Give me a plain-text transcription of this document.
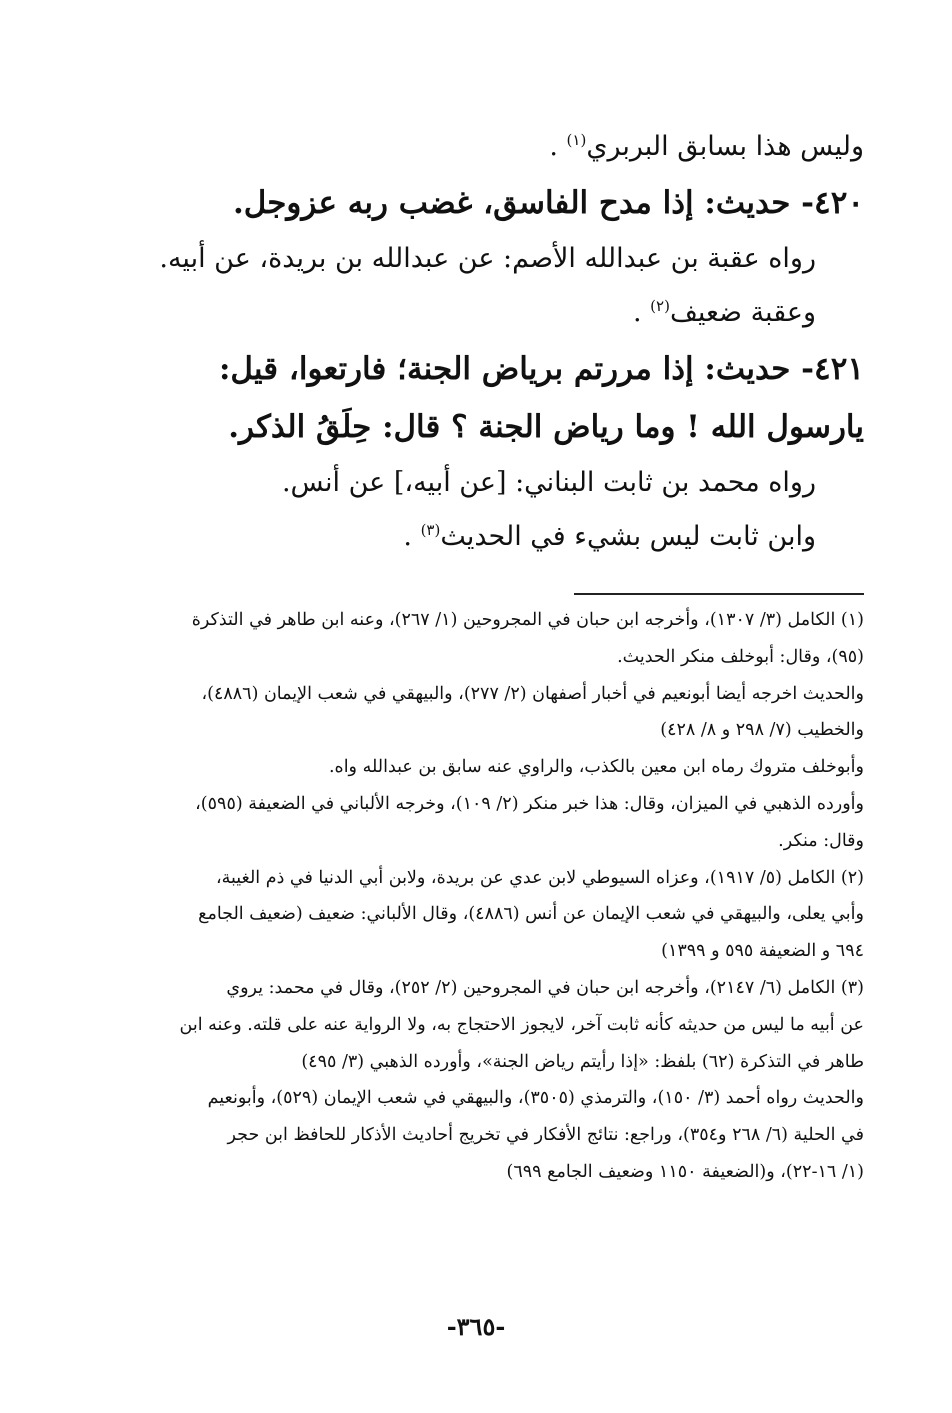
وليس هذا بسابق البربري$^{(١)}$ .
٤٢٠- حديث: إذا مدح الفاسق، غضب ربه عزوجل.
رواه عقبة بن عبدالله الأصم: عن عبدالله بن بريدة، عن أبيه.
وعقبة ضعيف$^{(٢)}$ .
٤٢١- حديث: إذا مررتم برياض الجنة؛ فارتعوا، قيل:
يارسول الله ! وما رياض الجنة ؟ قال: حِلَقُ الذكر.
رواه محمد بن ثابت البناني: [عن أبيه،] عن أنس.
وابن ثابت ليس بشيء في الحديث$^{(٣)}$ .
(١) الكامل (٣/ ١٣٠٧)، وأخرجه ابن حبان في المجروحين (١/ ٢٦٧)، وعنه ابن طاهر في التذكرة
(٩٥)، وقال: أبوخلف منكر الحديث.
والحديث اخرجه أيضا أبونعيم في أخبار أصفهان (٢/ ٢٧٧)، والبيهقي في شعب الإيمان (٤٨٨٦)،
والخطيب (٧/ ٢٩٨ و ٨/ ٤٢٨)
وأبوخلف متروك رماه ابن معين بالكذب، والراوي عنه سابق بن عبدالله واه.
وأورده الذهبي في الميزان، وقال: هذا خبر منكر (٢/ ١٠٩)، وخرجه الألباني في الضعيفة (٥٩٥)،
وقال: منكر.
(٢) الكامل (٥/ ١٩١٧)، وعزاه السيوطي لابن عدي عن بريدة، ولابن أبي الدنيا في ذم الغيبة،
وأبي يعلى، والبيهقي في شعب الإيمان عن أنس (٤٨٨٦)، وقال الألباني: ضعيف (ضعيف الجامع
٦٩٤ و الضعيفة ٥٩٥ و ١٣٩٩)
(٣) الكامل (٦/ ٢١٤٧)، وأخرجه ابن حبان في المجروحين (٢/ ٢٥٢)، وقال في محمد: يروي
عن أبيه ما ليس من حديثه كأنه ثابت آخر، لايجوز الاحتجاج به، ولا الرواية عنه على قلته. وعنه ابن
طاهر في التذكرة (٦٢) بلفظ: «إذا رأيتم رياض الجنة»، وأورده الذهبي (٣/ ٤٩٥)
والحديث رواه أحمد (٣/ ١٥٠)، والترمذي (٣٥٠٥)، والبيهقي في شعب الإيمان (٥٢٩)، وأبونعيم
في الحلية (٦/ ٢٦٨ و٣٥٤)، وراجع: نتائج الأفكار في تخريج أحاديث الأذكار للحافظ ابن حجر
(١/ ١٦-٢٢)، و(الضعيفة ١١٥٠ وضعيف الجامع ٦٩٩)
-٣٦٥-
